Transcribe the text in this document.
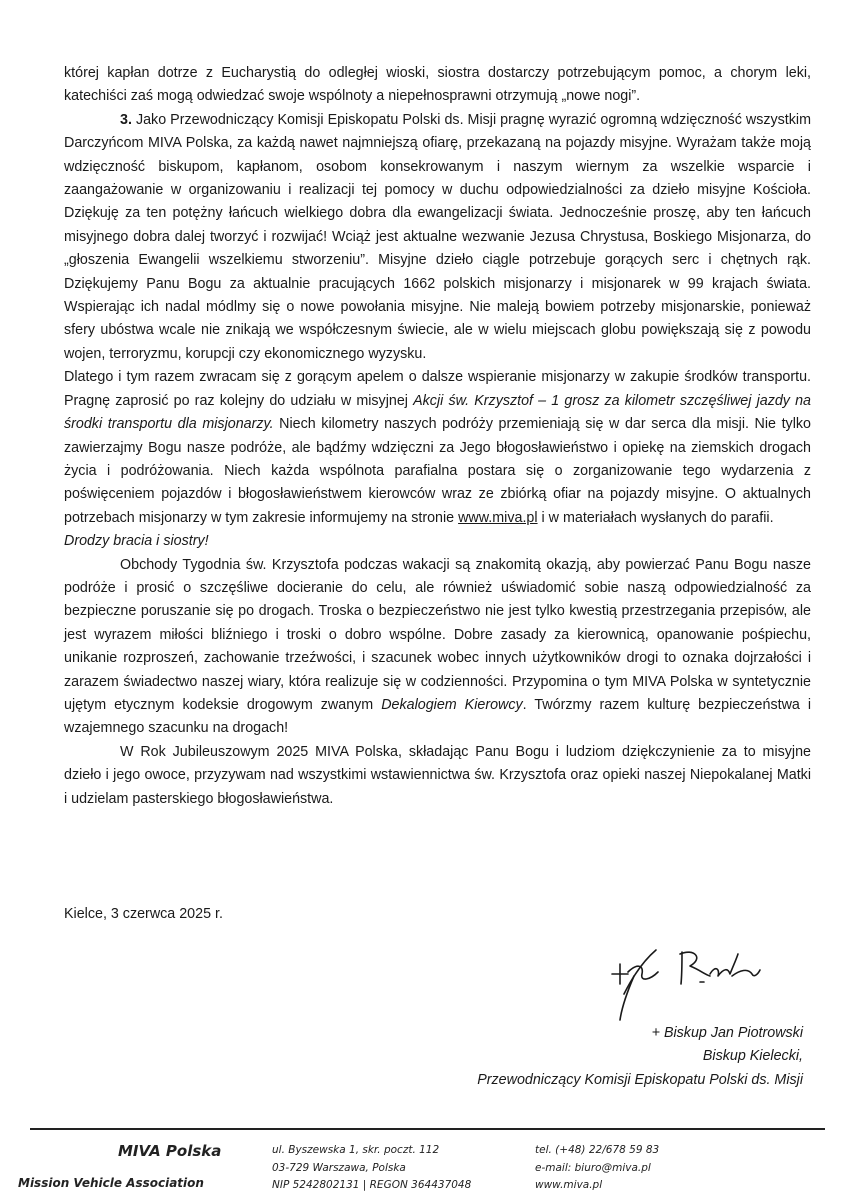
której kapłan dotrze z Eucharystią do odległej wioski, siostra dostarczy potrzebującym pomoc, a chorym leki, katechiści zaś mogą odwiedzać swoje wspólnoty a niepełnosprawni otrzymują „nowe nogi”.

3. Jako Przewodniczący Komisji Episkopatu Polski ds. Misji pragnę wyrazić ogromną wdzięczność wszystkim Darczyńcom MIVA Polska, za każdą nawet najmniejszą ofiarę, przekazaną na pojazdy misyjne. Wyrażam także moją wdzięczność biskupom, kapłanom, osobom konsekrowanym i naszym wiernym za wszelkie wsparcie i zaangażowanie w organizowaniu i realizacji tej pomocy w duchu odpowiedzialności za dzieło misyjne Kościoła. Dziękuję za ten potężny łańcuch wielkiego dobra dla ewangelizacji świata. Jednocześnie proszę, aby ten łańcuch misyjnego dobra dalej tworzyć i rozwijać! Wciąż jest aktualne wezwanie Jezusa Chrystusa, Boskiego Misjonarza, do „głoszenia Ewangelii wszelkiemu stworzeniu”. Misyjne dzieło ciągle potrzebuje gorących serc i chętnych rąk. Dziękujemy Panu Bogu za aktualnie pracujących 1662 polskich misjonarzy i misjonarek w 99 krajach świata. Wspierając ich nadal módlmy się o nowe powołania misyjne. Nie maleją bowiem potrzeby misjonarskie, ponieważ sfery ubóstwa wcale nie znikają we współczesnym świecie, ale w wielu miejscach globu powiększają się z powodu wojen, terroryzmu, korupcji czy ekonomicznego wyzysku.

Dlatego i tym razem zwracam się z gorącym apelem o dalsze wspieranie misjonarzy w zakupie środków transportu. Pragnę zaprosić po raz kolejny do udziału w misyjnej Akcji św. Krzysztof – 1 grosz za kilometr szczęśliwej jazdy na środki transportu dla misjonarzy. Niech kilometry naszych podróży przemieniają się w dar serca dla misji. Nie tylko zawierzajmy Bogu nasze podróże, ale bądźmy wdzięczni za Jego błogosławieństwo i opiekę na ziemskich drogach życia i podróżowania. Niech każda wspólnota parafialna postara się o zorganizowanie tego wydarzenia z poświęceniem pojazdów i błogosławieństwem kierowców wraz ze zbiórką ofiar na pojazdy misyjne. O aktualnych potrzebach misjonarzy w tym zakresie informujemy na stronie www.miva.pl i w materiałach wysłanych do parafii.

Drodzy bracia i siostry!

Obchody Tygodnia św. Krzysztofa podczas wakacji są znakomitą okazją, aby powierzać Panu Bogu nasze podróże i prosić o szczęśliwe docieranie do celu, ale również uświadomić sobie naszą odpowiedzialność za bezpieczne poruszanie się po drogach. Troska o bezpieczeństwo nie jest tylko kwestią przestrzegania przepisów, ale jest wyrazem miłości bliźniego i troski o dobro wspólne. Dobre zasady za kierownicą, opanowanie pośpiechu, unikanie rozproszeń, zachowanie trzeźwości, i szacunek wobec innych użytkowników drogi to oznaka dojrzałości i zarazem świadectwo naszej wiary, która realizuje się w codzienności. Przypomina o tym MIVA Polska w syntetycznie ujętym etycznym kodeksie drogowym zwanym Dekalogiem Kierowcy. Twórzmy razem kulturę bezpieczeństwa i wzajemnego szacunku na drogach!

W Rok Jubileuszowym 2025 MIVA Polska, składając Panu Bogu i ludziom dziękczynienie za to misyjne dzieło i jego owoce, przyzywam nad wszystkimi wstawiennictwa św. Krzysztofa oraz opieki naszej Niepokalanej Matki i udzielam pasterskiego błogosławieństwa.

Kielce, 3 czerwca 2025 r.
+ Biskup Jan Piotrowski
Biskup Kielecki,
Przewodniczący Komisji Episkopatu Polski ds. Misji
MIVA Polska
Mission Vehicle Association
ul. Byszewska 1, skr. poczt. 112
03-729 Warszawa, Polska
NIP 5242802131 | REGON 364437048
tel. (+48) 22/678 59 83
e-mail: biuro@miva.pl
www.miva.pl
